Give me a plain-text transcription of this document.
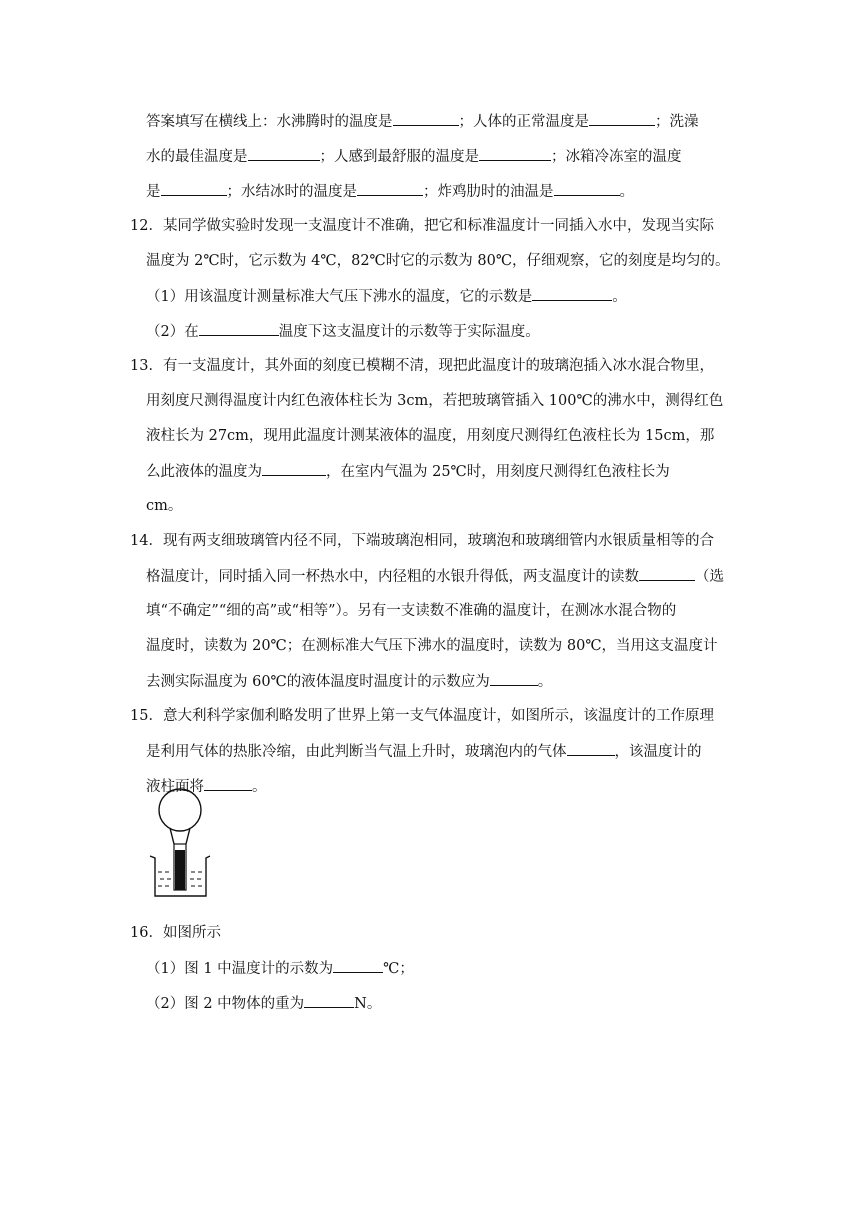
答案填写在横线上：水沸腾时的温度是	；人体的正常温度是	；洗澡
水的最佳温度是	；人感到最舒服的温度是	；冰箱冷冻室的温度
是	；水结冰时的温度是	；炸鸡肋时的油温是	。
12．某同学做实验时发现一支温度计不准确，把它和标准温度计一同插入水中，发现当实际
温度为 2℃时，它示数为 4℃，82℃时它的示数为 80℃，仔细观察，它的刻度是均匀的。
（1）用该温度计测量标准大气压下沸水的温度，它的示数是	。
（2）在	温度下这支温度计的示数等于实际温度。
13．有一支温度计，其外面的刻度已模糊不清，现把此温度计的玻璃泡插入冰水混合物里，
用刻度尺测得温度计内红色液体柱长为 3cm，若把玻璃管插入 100℃的沸水中，测得红色
液柱长为 27cm，现用此温度计测某液体的温度，用刻度尺测得红色液柱长为 15cm，那
么此液体的温度为	，在室内气温为 25℃时，用刻度尺测得红色液柱长为
cm。
14．现有两支细玻璃管内径不同，下端玻璃泡相同，玻璃泡和玻璃细管内水银质量相等的合
格温度计，同时插入同一杯热水中，内径粗的水银升得低，两支温度计的读数	（选
填“不确定”“细的高”或“相等”）。另有一支读数不准确的温度计，在测冰水混合物的
温度时，读数为 20℃；在测标准大气压下沸水的温度时，读数为 80℃，当用这支温度计
去测实际温度为 60℃的液体温度时温度计的示数应为	。
15．意大利科学家伽利略发明了世界上第一支气体温度计，如图所示，该温度计的工作原理
是利用气体的热胀冷缩，由此判断当气温上升时，玻璃泡内的气体	，该温度计的
液柱面将	。
16．如图所示
（1）图 1 中温度计的示数为	℃；
（2）图 2 中物体的重为	N。
